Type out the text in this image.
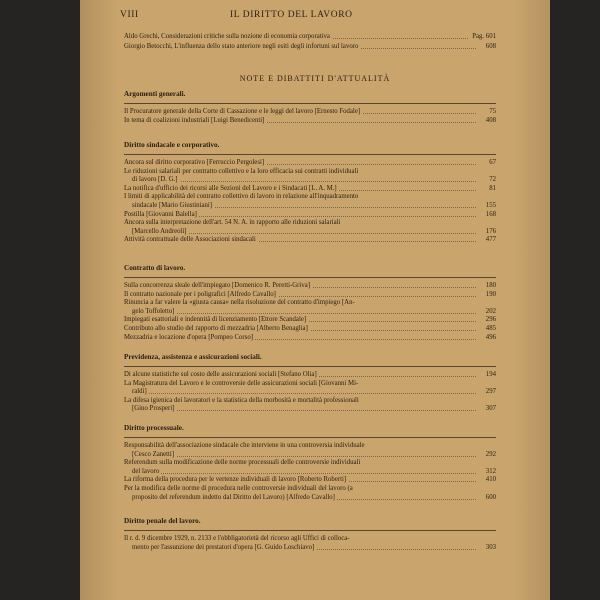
VIII	IL DIRITTO DEL LAVORO
Aldo Grechi, Considerazioni critiche sulla nozione di economia corporativa	Pag. 601
Giorgio Betocchi, L'influenza dello stato anteriore negli esiti degli infortuni sul lavoro	608
NOTE E DIBATTITI D'ATTUALITÀ
Argomenti generali.
Il Procuratore generale della Corte di Cassazione e le leggi del lavoro [Ernesto Fodale]	75
In tema di coalizioni industriali [Luigi Benedicenti]	408
Diritto sindacale e corporativo.
Ancora sul diritto corporativo [Ferruccio Pergolesi]	67
Le riduzioni salariali per contratto collettivo e la loro efficacia sui contratti individuali
di lavoro [D. G.]	72
La notifica d'ufficio dei ricorsi alle Sezioni del Lavoro e i Sindacati [L. A. M.]	81
I limiti di applicabilità del contratto collettivo di lavoro in relazione all'inquadramento
sindacale [Mario Giustiniani]	155
Postilla [Giovanni Balella]	168
Ancora sulla interpretazione dell'art. 54 N. A. in rapporto alle riduzioni salariali
[Marcello Andreoli]	176
Attività contrattuale delle Associazioni sindacali	477
Contratto di lavoro.
Sulla concorrenza sleale dell'impiegato [Domenico R. Peretti-Griva]	180
Il contratto nazionale per i poligrafici [Alfredo Cavallo]	190
Rinuncia a far valere la «giusta causa» nella risoluzione del contratto d'impiego [An-
gelo Toffoletto]	202
Impiegati esattoriali e indennità di licenziamento [Ettore Scandale]	296
Contributo allo studio del rapporto di mezzadria [Alberto Benaglia]	485
Mezzadria e locazione d'opera [Pompeo Corso]	496
Previdenza, assistenza e assicurazioni sociali.
Di alcune statistiche sul costo delle assicurazioni sociali [Stefano Olia]	194
La Magistratura del Lavoro e le controversie delle assicurazioni sociali [Giovanni Mi-
raldi]	297
La difesa igienica dei lavoratori e la statistica della morbosità e mortalità professionali
[Gino Prosperi]	307
Diritto processuale.
Responsabilità dell'associazione sindacale che interviene in una controversia individuale
[Cesco Zanetti]	292
Referendum sulla modificazione delle norme processuali delle controversie individuali
del lavoro	312
La riforma della procedura per le vertenze individuali di lavoro [Roberto Roberti]	410
Per la modifica delle norme di procedura nelle controversie individuali del lavoro (a
proposito del referendum indetto dal Diritto del Lavoro) [Alfredo Cavallo]	600
Diritto penale del lavoro.
Il r. d. 9 dicembre 1929, n. 2133 e l'obbligatorietà del ricorso agli Uffici di colloca-
mento per l'assunzione dei prestatori d'opera [G. Guido Loschiavo]	303
